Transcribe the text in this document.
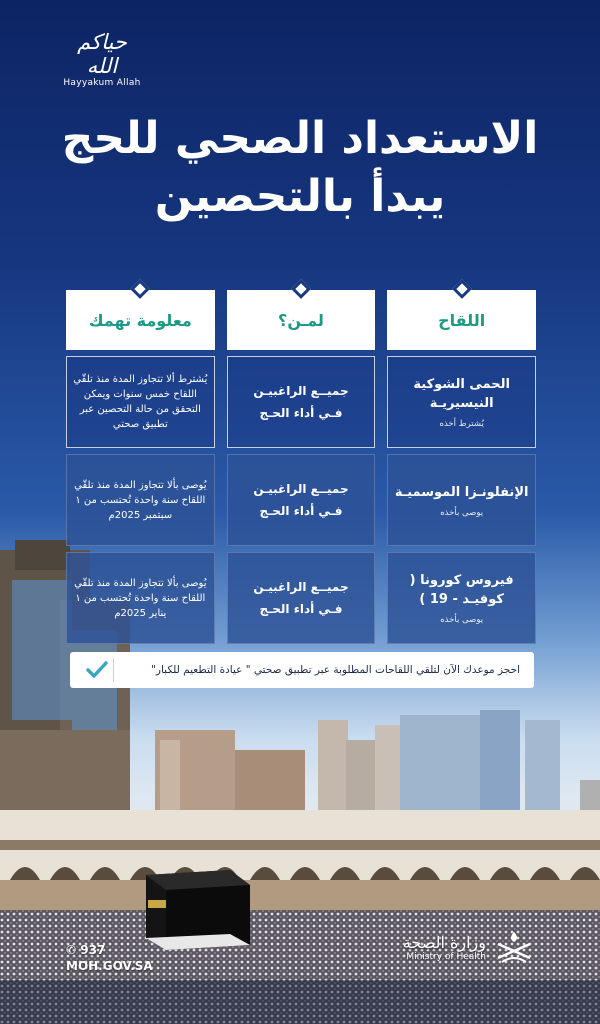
حياكم الله
Hayyakum Allah
الاستعداد الصحي للحج
يبدأ بالتحصين
اللقاح
لمـن؟
معلومة تهمك
الحمى الشوكية النيسيريـة
يُشترط أخذه
جميــع الراغبيـن
فـي أداء الحـج
يُشترط ألا تتجاوز المدة منذ تلقّي اللقاح خمس سنوات ويمكن التحقق من حالة التحصين عبر تطبيق صحتي
الإنفلونـزا الموسميـة
يوصى بأخذه
جميــع الراغبيـن
فـي أداء الحـج
يُوصى بألا تتجاوز المدة منذ تلقّي اللقاح سنة واحدة تُحتسب من ١ سبتمبر 2025م
فيروس كورونا ( كوفيـد - 19 )
يوصى بأخذه
جميــع الراغبيـن
فـي أداء الحـج
يُوصى بألا تتجاوز المدة منذ تلقّي اللقاح سنة واحدة تُحتسب من ١ يناير 2025م
احجز موعدك الآن لتلقي اللقاحات المطلوبة عبر تطبيق صحتي " عيادة التطعيم للكبار"
✆ 937
MOH.GOV.SA
وزارة الصحة
Ministry of Health
